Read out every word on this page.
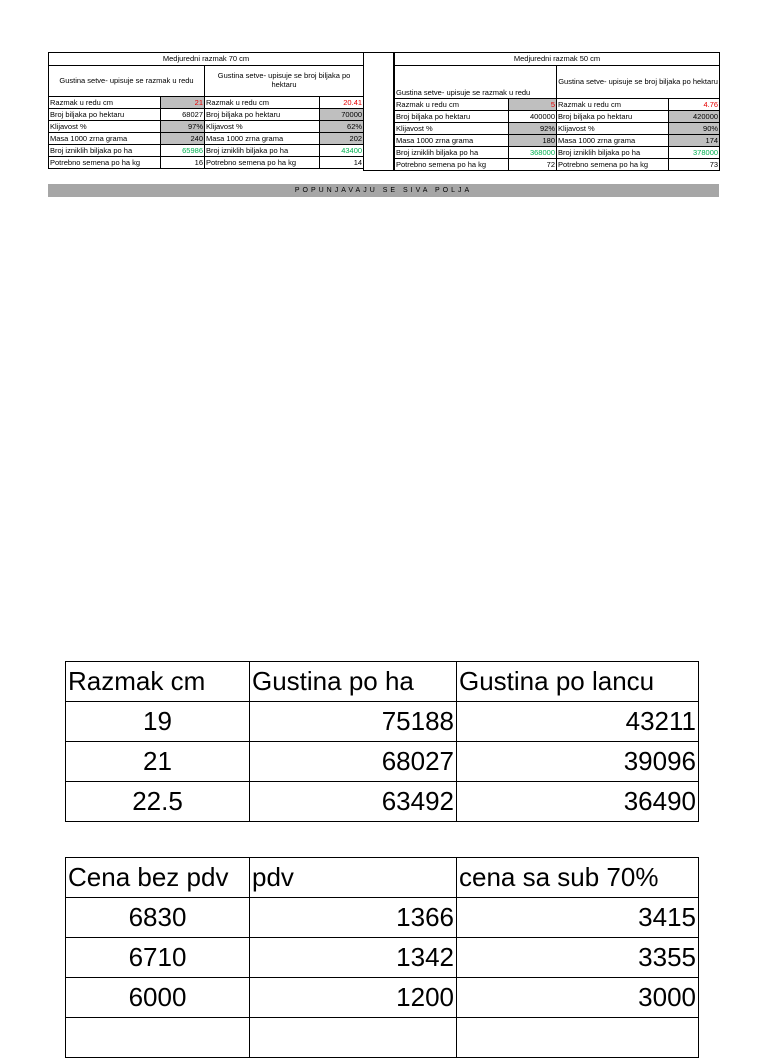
Medjuredni razmak 70 cm			
Gustina setve- upisuje se razmak u redu		Gustina setve- upisuje se broj biljaka po hektaru	
Razmak u redu cm	21	Razmak u redu cm	20.41
Broj biljaka po hektaru	68027	Broj biljaka po hektaru	70000
Klijavost %	97%	Klijavost %	62%
Masa 1000 zrna grama	240	Masa 1000 zrna grama	202
Broj izniklih biljaka po ha	65986	Broj izniklih biljaka po ha	43400
Potrebno semena po ha kg	16	Potrebno semena po ha kg	14
Medjuredni razmak 50 cm			
Gustina setve- upisuje se razmak u redu		Gustina setve- upisuje se broj biljaka po hektaru	
Razmak u redu cm	5	Razmak u redu cm	4.76
Broj biljaka po hektaru	400000	Broj biljaka po hektaru	420000
Klijavost %	92%	Klijavost %	90%
Masa 1000 zrna grama	180	Masa 1000 zrna grama	174
Broj izniklih biljaka po ha	368000	Broj izniklih biljaka po ha	378000
Potrebno semena po ha kg	72	Potrebno semena po ha kg	73
POPUNJAVAJU SE SIVA POLJA
Razmak cm	Gustina po ha	Gustina po lancu
19	75188	43211
21	68027	39096
22.5	63492	36490
Cena bez pdv	pdv	cena sa sub 70%
6830	1366	3415
6710	1342	3355
6000	1200	3000
